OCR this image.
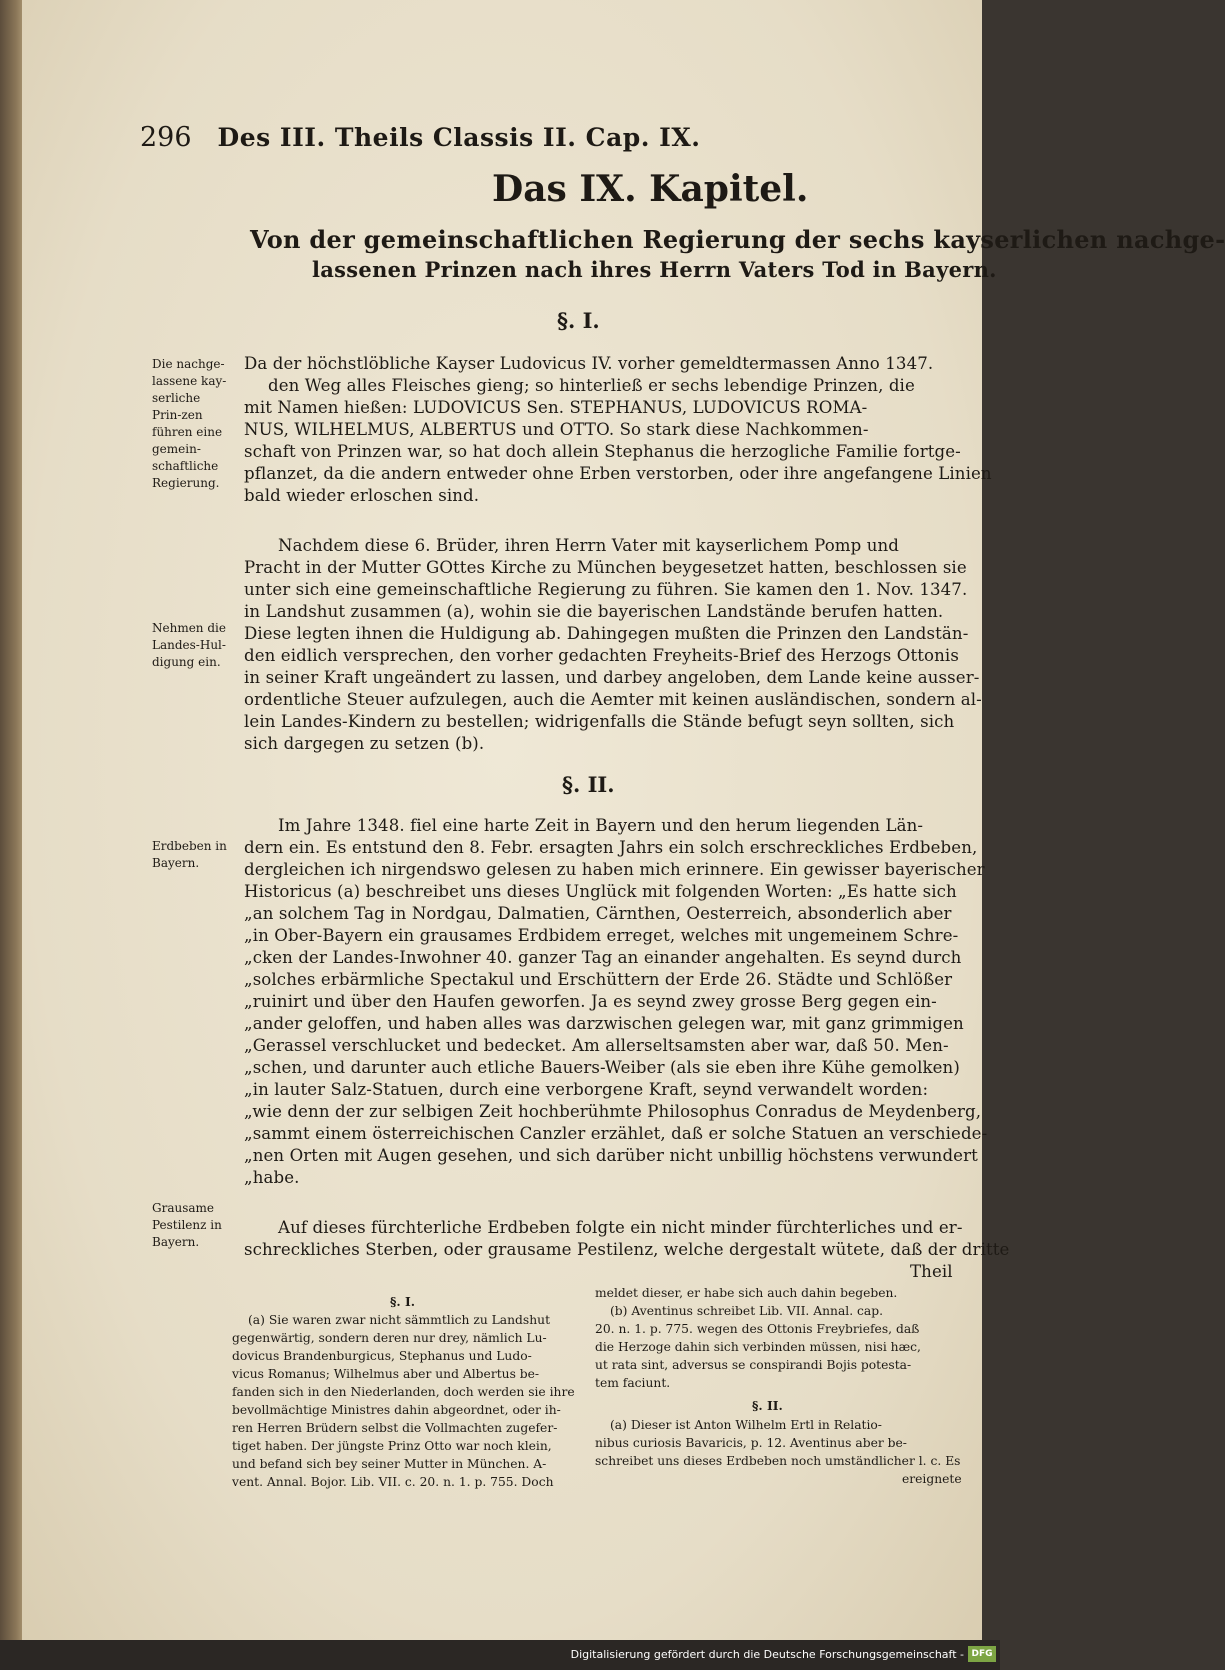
296 Des III. Theils Classis II. Cap. IX.
Das IX. Kapitel.
Von der gemeinschaftlichen Regierung der sechs kayserlichen nachge-
lassenen Prinzen nach ihres Herrn Vaters Tod in Bayern.
§. I.
Da der höchstlöbliche Kayser Ludovicus IV. vorher gemeldtermassen Anno 1347.
den Weg alles Fleisches gieng; so hinterließ er sechs lebendige Prinzen, die
mit Namen hießen: LUDOVICUS Sen. STEPHANUS, LUDOVICUS ROMA-
NUS, WILHELMUS, ALBERTUS und OTTO. So stark diese Nachkommen-
schaft von Prinzen war, so hat doch allein Stephanus die herzogliche Familie fortge-
pflanzet, da die andern entweder ohne Erben verstorben, oder ihre angefangene Linien
bald wieder erloschen sind.
Nachdem diese 6. Brüder, ihren Herrn Vater mit kayserlichem Pomp und
Pracht in der Mutter GOttes Kirche zu München beygesetzet hatten, beschlossen sie
unter sich eine gemeinschaftliche Regierung zu führen. Sie kamen den 1. Nov. 1347.
in Landshut zusammen (a), wohin sie die bayerischen Landstände berufen hatten.
Diese legten ihnen die Huldigung ab. Dahingegen mußten die Prinzen den Landstän-
den eidlich versprechen, den vorher gedachten Freyheits-Brief des Herzogs Ottonis
in seiner Kraft ungeändert zu lassen, und darbey angeloben, dem Lande keine ausser-
ordentliche Steuer aufzulegen, auch die Aemter mit keinen ausländischen, sondern al-
lein Landes-Kindern zu bestellen; widrigenfalls die Stände befugt seyn sollten, sich
sich dargegen zu setzen (b).
§. II.
Im Jahre 1348. fiel eine harte Zeit in Bayern und den herum liegenden Län-
dern ein. Es entstund den 8. Febr. ersagten Jahrs ein solch erschreckliches Erdbeben,
dergleichen ich nirgendswo gelesen zu haben mich erinnere. Ein gewisser bayerischer
Historicus (a) beschreibet uns dieses Unglück mit folgenden Worten: „Es hatte sich
„an solchem Tag in Nordgau, Dalmatien, Cärnthen, Oesterreich, absonderlich aber
„in Ober-Bayern ein grausames Erdbidem erreget, welches mit ungemeinem Schre-
„cken der Landes-Inwohner 40. ganzer Tag an einander angehalten. Es seynd durch
„solches erbärmliche Spectakul und Erschüttern der Erde 26. Städte und Schlößer
„ruinirt und über den Haufen geworfen. Ja es seynd zwey grosse Berg gegen ein-
„ander geloffen, und haben alles was darzwischen gelegen war, mit ganz grimmigen
„Gerassel verschlucket und bedecket. Am allerseltsamsten aber war, daß 50. Men-
„schen, und darunter auch etliche Bauers-Weiber (als sie eben ihre Kühe gemolken)
„in lauter Salz-Statuen, durch eine verborgene Kraft, seynd verwandelt worden:
„wie denn der zur selbigen Zeit hochberühmte Philosophus Conradus de Meydenberg,
„sammt einem österreichischen Canzler erzählet, daß er solche Statuen an verschiede-
„nen Orten mit Augen gesehen, und sich darüber nicht unbillig höchstens verwundert
„habe.
Auf dieses fürchterliche Erdbeben folgte ein nicht minder fürchterliches und er-
schreckliches Sterben, oder grausame Pestilenz, welche dergestalt wütete, daß der dritte
Theil
Die nachge-lassene kay-serliche Prin-zen führen eine gemein-schaftliche Regierung.
Nehmen die Landes-Hul-digung ein.
Erdbeben in Bayern.
Grausame Pestilenz in Bayern.
§. I.
(a) Sie waren zwar nicht sämmtlich zu Landshut
gegenwärtig, sondern deren nur drey, nämlich Lu-
dovicus Brandenburgicus, Stephanus und Ludo-
vicus Romanus; Wilhelmus aber und Albertus be-
fanden sich in den Niederlanden, doch werden sie ihre
bevollmächtige Ministres dahin abgeordnet, oder ih-
ren Herren Brüdern selbst die Vollmachten zugefer-
tiget haben. Der jüngste Prinz Otto war noch klein,
und befand sich bey seiner Mutter in München. A-
vent. Annal. Bojor. Lib. VII. c. 20. n. 1. p. 755. Doch
meldet dieser, er habe sich auch dahin begeben.
(b) Aventinus schreibet Lib. VII. Annal. cap.
20. n. 1. p. 775. wegen des Ottonis Freybriefes, daß
die Herzoge dahin sich verbinden müssen, nisi hæc,
ut rata sint, adversus se conspirandi Bojis potesta-
tem faciunt.
§. II.
(a) Dieser ist Anton Wilhelm Ertl in Relatio-
nibus curiosis Bavaricis, p. 12. Aventinus aber be-
schreibet uns dieses Erdbeben noch umständlicher l. c. Es
ereignete
Digitalisierung gefördert durch die Deutsche Forschungsgemeinschaft - DFG
